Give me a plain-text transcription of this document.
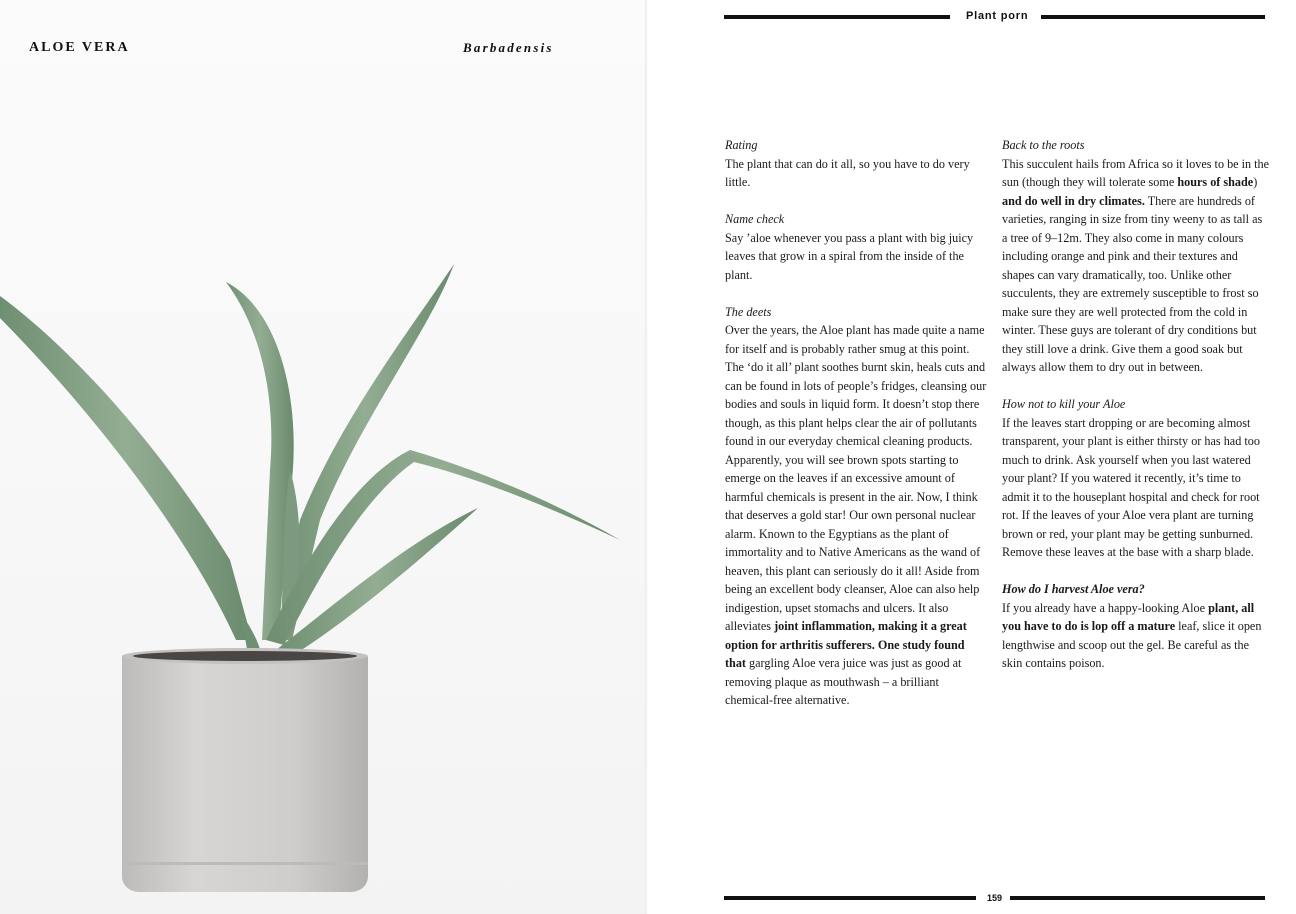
ALOE VERA	Barbadensis
Plant porn

Rating

The plant that can do it all, so you have to do very little.

Name check

Say ’aloe whenever you pass a plant with big juicy leaves that grow in a spiral from the inside of the plant.

The deets

Over the years, the Aloe plant has made quite a name for itself and is probably rather smug at this point. The ‘do it all’ plant soothes burnt skin, heals cuts and can be found in lots of people’s fridges, cleansing our bodies and souls in liquid form. It doesn’t stop there though, as this plant helps clear the air of pollutants found in our everyday chemical cleaning products. Apparently, you will see brown spots starting to emerge on the leaves if an excessive amount of harmful chemicals is present in the air. Now, I think that deserves a gold star! Our own personal nuclear alarm. Known to the Egyptians as the plant of immortality and to Native Americans as the wand of heaven, this plant can seriously do it all! Aside from being an excellent body cleanser, Aloe can also help indigestion, upset stomachs and ulcers. It also alleviates joint inflammation, making it a great option for arthritis sufferers. One study found that gargling Aloe vera juice was just as good at removing plaque as mouthwash – a brilliant chemical-free alternative.

Back to the roots

This succulent hails from Africa so it loves to be in the sun (though they will tolerate some hours of shade) and do well in dry climates. There are hundreds of varieties, ranging in size from tiny weeny to as tall as a tree of 9–12m. They also come in many colours including orange and pink and their textures and shapes can vary dramatically, too. Unlike other succulents, they are extremely susceptible to frost so make sure they are well protected from the cold in winter. These guys are tolerant of dry conditions but they still love a drink. Give them a good soak but always allow them to dry out in between.

How not to kill your Aloe

If the leaves start dropping or are becoming almost transparent, your plant is either thirsty or has had too much to drink. Ask yourself when you last watered your plant? If you watered it recently, it’s time to admit it to the houseplant hospital and check for root rot. If the leaves of your Aloe vera plant are turning brown or red, your plant may be getting sunburned. Remove these leaves at the base with a sharp blade.

How do I harvest Aloe vera?

If you already have a happy-looking Aloe plant, all you have to do is lop off a mature leaf, slice it open lengthwise and scoop out the gel. Be careful as the skin contains poison.

159
